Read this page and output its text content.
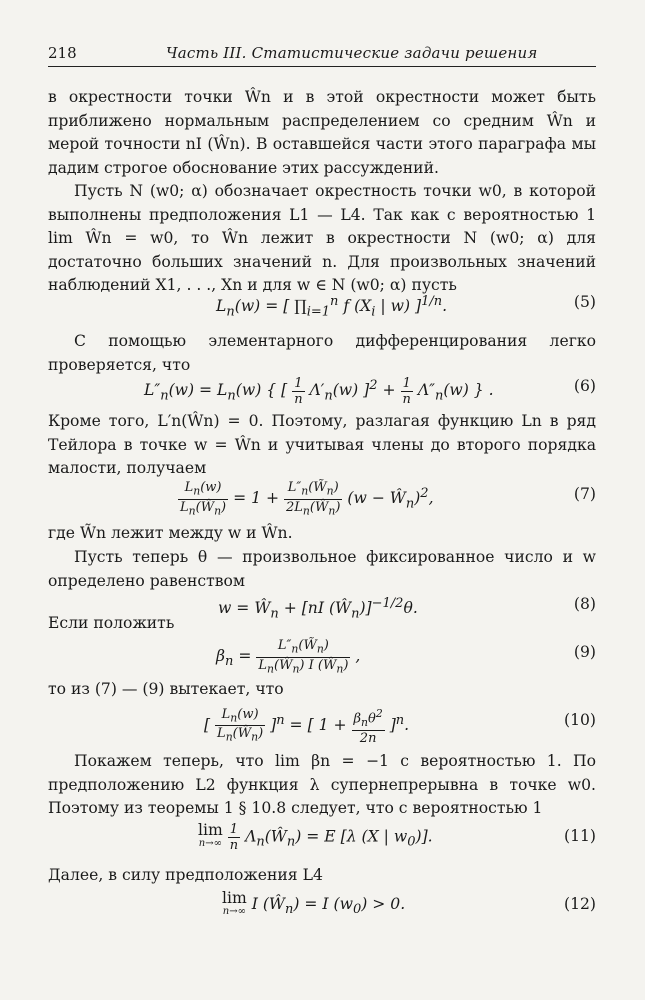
218	Часть III. Статистические задачи решения
в окрестности точки Ŵn и в этой окрестности может быть приближено нормальным распределением со средним Ŵn и мерой точности nI (Ŵn). В оставшейся части этого параграфа мы дадим строгое обоснование этих рассуждений.
Пусть N (w0; α) обозначает окрестность точки w0, в которой выполнены предположения L1 — L4. Так как с вероятностью 1 lim Ŵn = w0, то Ŵn лежит в окрестности N (w0; α) для достаточно больших значений n. Для произвольных значений наблюдений X1, . . ., Xn и для w ∈ N (w0; α) пусть
$L_n(w)$ = [ $\prod_{i=1}^n$ f ($X_i$ | w) ]$^{1/n}$.	(5)
С помощью элементарного дифференцирования легко проверяется, что
$L''_n(w) = L_n(w)$ { [ $\frac{1}{n} \Lambda'_n(w) ]^2 + \frac{1}{n} \Lambda''_n(w)$ } .	(6)
Кроме того, L′n(Ŵn) = 0. Поэтому, разлагая функцию Ln в ряд Тейлора в точке w = Ŵn и учитывая члены до второго порядка малости, получаем
$\frac{L_n(w)}{L_n(Ŵ_n)} = 1 + \frac{L''_n(W̃_n)}{2L_n(Ŵ_n)} (w$ − $Ŵ_n)^2$,	(7)
где W̃n лежит между w и Ŵn.
Пусть теперь θ — произвольное фиксированное число и w определено равенством
$w = Ŵ_n + [nI$ $(Ŵ_n)]^{-1/2}\theta$.	(8)
Если положить
$\beta_n = \frac{L''_n(W̃_n)}{L_n(Ŵ_n) I (Ŵ_n)}$ ,	(9)
то из (7) — (9) вытекает, что
[ $\frac{L_n(w)}{L_n(Ŵ_n)} ]^n$ = [ $1 + \frac{\beta_n\theta^2}{2n} ]^n$.	(10)
Покажем теперь, что lim βn = −1 с вероятностью 1. По предположению L2 функция λ супернепрерывна в точке w0. Поэтому из теоремы 1 § 10.8 следует, что с вероятностью 1
lim
n→∞
$\frac{1}{n}$ $\Lambda_n(Ŵ_n) = E$ [λ (X | $w_0$)].	(11)
Далее, в силу предположения L4
lim
n→∞ I $(Ŵ_n) = I$ $(w_0) > 0$.	(12)
